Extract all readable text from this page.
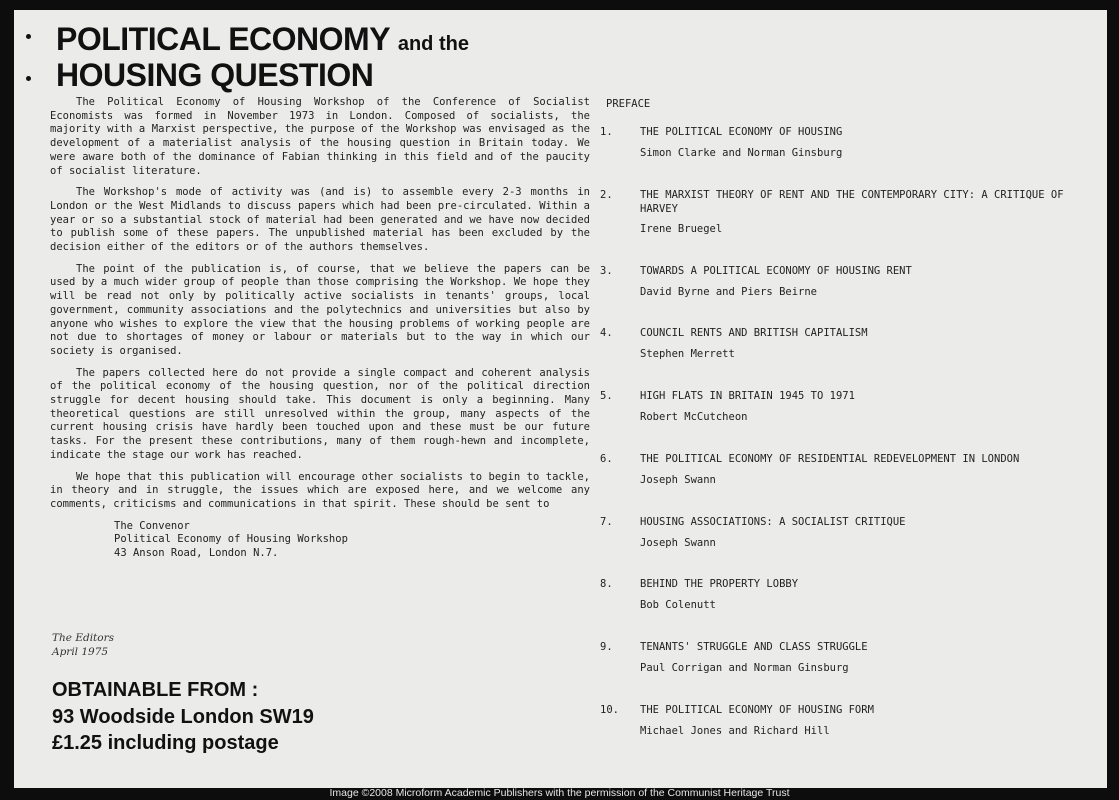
POLITICAL ECONOMY and the
HOUSING QUESTION

The Political Economy of Housing Workshop of the Conference of Socialist Economists was formed in November 1973 in London. Composed of socialists, the majority with a Marxist perspective, the purpose of the Workshop was envisaged as the development of a materialist analysis of the housing question in Britain today. We were aware both of the dominance of Fabian thinking in this field and of the paucity of socialist literature.

The Workshop's mode of activity was (and is) to assemble every 2-3 months in London or the West Midlands to discuss papers which had been pre-circulated. Within a year or so a substantial stock of material had been generated and we have now decided to publish some of these papers. The unpublished material has been excluded by the decision either of the editors or of the authors themselves.

The point of the publication is, of course, that we believe the papers can be used by a much wider group of people than those comprising the Workshop. We hope they will be read not only by politically active socialists in tenants' groups, local government, community associations and the polytechnics and universities but also by anyone who wishes to explore the view that the housing problems of working people are not due to shortages of money or labour or materials but to the way in which our society is organised.

The papers collected here do not provide a single compact and coherent analysis of the political economy of the housing question, nor of the political direction struggle for decent housing should take. This document is only a beginning. Many theoretical questions are still unresolved within the group, many aspects of the current housing crisis have hardly been touched upon and these must be our future tasks. For the present these contributions, many of them rough-hewn and incomplete, indicate the stage our work has reached.

We hope that this publication will encourage other socialists to begin to tackle, in theory and in struggle, the issues which are exposed here, and we welcome any comments, criticisms and communications in that spirit. These should be sent to

The Convenor
Political Economy of Housing Workshop
43 Anson Road, London N.7.
The Editors
April 1975
OBTAINABLE FROM :
93 Woodside London SW19
£1.25 including postage
PREFACE
1.	THE POLITICAL ECONOMY OF HOUSING
Simon Clarke and Norman Ginsburg
2.	THE MARXIST THEORY OF RENT AND THE CONTEMPORARY CITY: A CRITIQUE OF HARVEY
Irene Bruegel
3.	TOWARDS A POLITICAL ECONOMY OF HOUSING RENT
David Byrne and Piers Beirne
4.	COUNCIL RENTS AND BRITISH CAPITALISM
Stephen Merrett
5.	HIGH FLATS IN BRITAIN 1945 TO 1971
Robert McCutcheon
6.	THE POLITICAL ECONOMY OF RESIDENTIAL REDEVELOPMENT IN LONDON
Joseph Swann
7.	HOUSING ASSOCIATIONS: A SOCIALIST CRITIQUE
Joseph Swann
8.	BEHIND THE PROPERTY LOBBY
Bob Colenutt
9.	TENANTS' STRUGGLE AND CLASS STRUGGLE
Paul Corrigan and Norman Ginsburg
10.	THE POLITICAL ECONOMY OF HOUSING FORM
Michael Jones and Richard Hill
Image ©2008 Microform Academic Publishers with the permission of the Communist Heritage Trust
